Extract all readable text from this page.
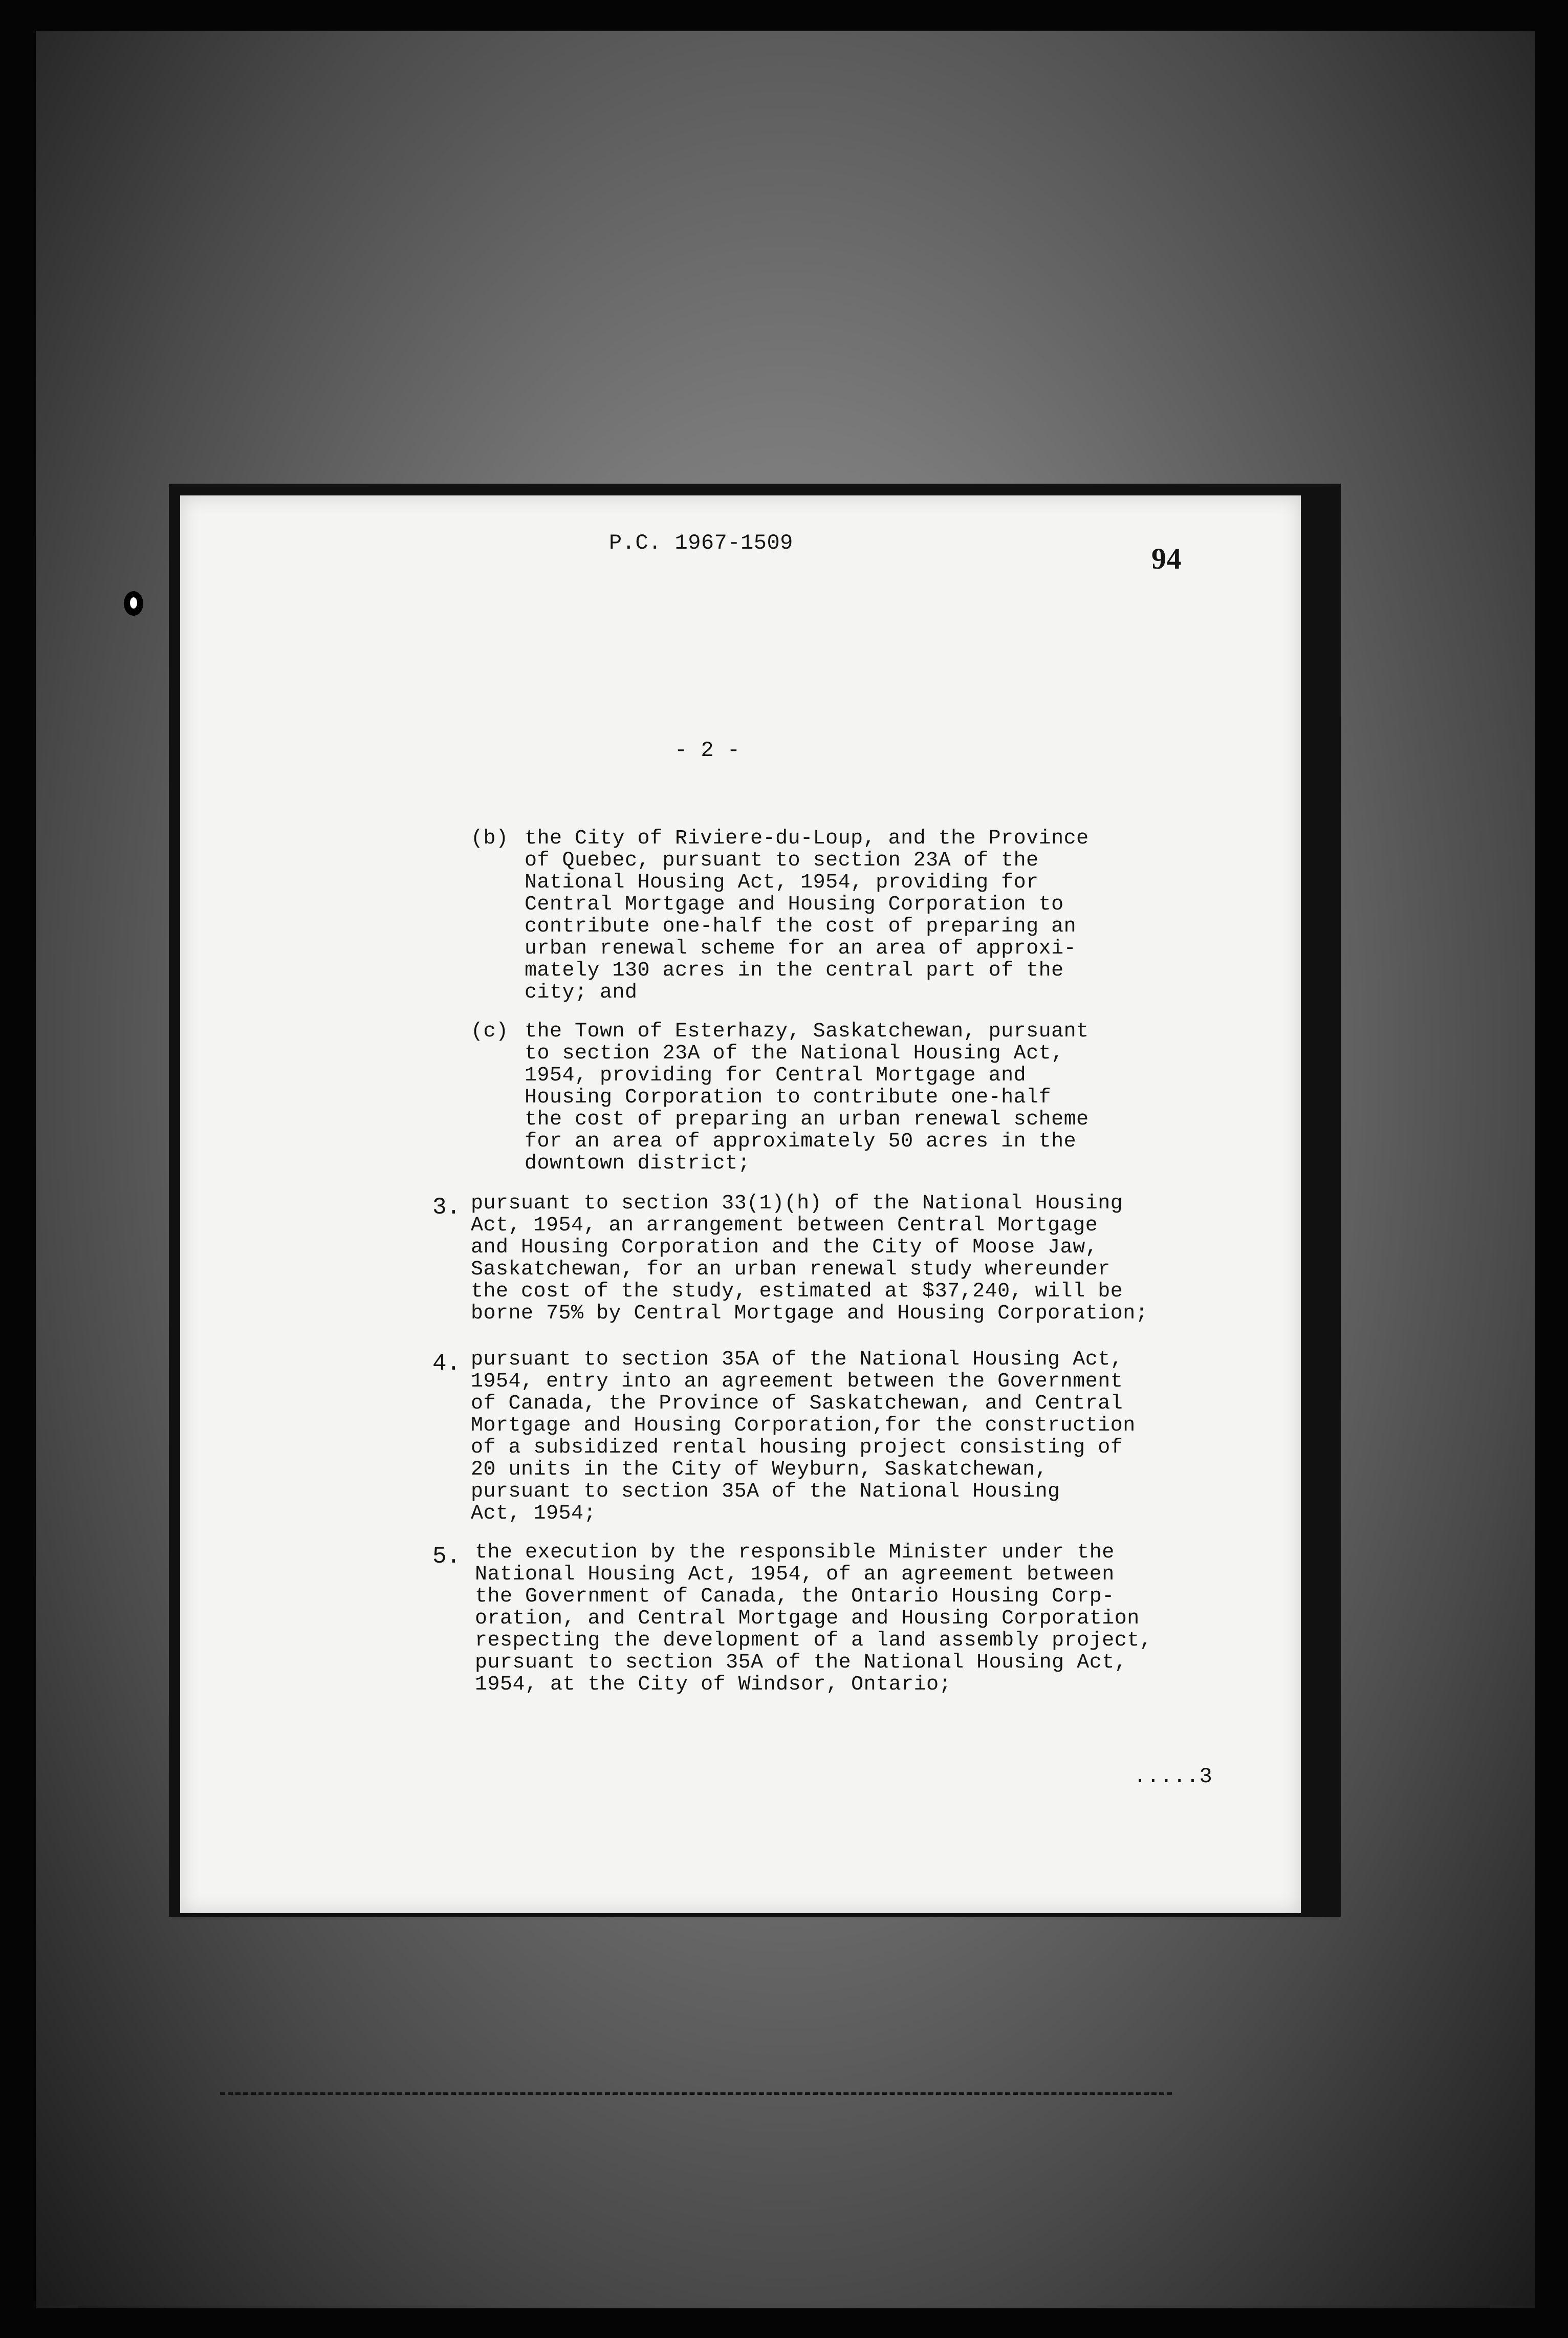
P.C. 1967-1509	94
- 2 -
(b) the City of Riviere-du-Loup, and the Province
of Quebec, pursuant to section 23A of the
National Housing Act, 1954, providing for
Central Mortgage and Housing Corporation to
contribute one-half the cost of preparing an
urban renewal scheme for an area of approxi-
mately 130 acres in the central part of the
city; and
(c) the Town of Esterhazy, Saskatchewan, pursuant
to section 23A of the National Housing Act,
1954, providing for Central Mortgage and
Housing Corporation to contribute one-half
the cost of preparing an urban renewal scheme
for an area of approximately 50 acres in the
downtown district;
3. pursuant to section 33(1)(h) of the National Housing
Act, 1954, an arrangement between Central Mortgage
and Housing Corporation and the City of Moose Jaw,
Saskatchewan, for an urban renewal study whereunder
the cost of the study, estimated at $37,240, will be
borne 75% by Central Mortgage and Housing Corporation;
4. pursuant to section 35A of the National Housing Act,
1954, entry into an agreement between the Government
of Canada, the Province of Saskatchewan, and Central
Mortgage and Housing Corporation,for the construction
of a subsidized rental housing project consisting of
20 units in the City of Weyburn, Saskatchewan,
pursuant to section 35A of the National Housing
Act, 1954;
5. the execution by the responsible Minister under the
National Housing Act, 1954, of an agreement between
the Government of Canada, the Ontario Housing Corp-
oration, and Central Mortgage and Housing Corporation
respecting the development of a land assembly project,
pursuant to section 35A of the National Housing Act,
1954, at the City of Windsor, Ontario;
.....3
